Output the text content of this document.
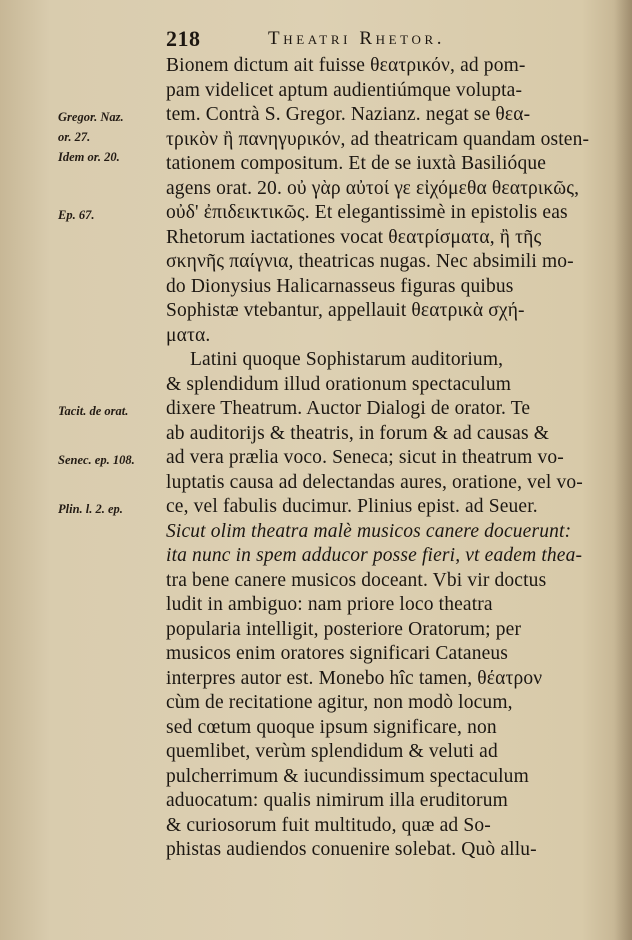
218	Theatri Rhetor.
Gregor. Naz.
or. 27.
Idem or. 20.
Ep. 67.
Tacit. de orat.
Senec. ep. 108.
Plin. l. 2. ep.
Bionem dictum ait fuisse θεατρικόν, ad pom-
pam videlicet aptum audientiúmque volupta-
tem. Contrà S. Gregor. Nazianz. negat se θεα-
τρικὸν ἢ πανηγυρικόν, ad theatricam quandam osten-
tationem compositum. Et de se iuxtà Basilióque
agens orat. 20. οὐ γὰρ αὐτοί γε εἰχόμεθα θεατρικῶς,
οὐδ' ἐπιδεικτικῶς. Et elegantissimè in epistolis eas
Rhetorum iactationes vocat θεατρίσματα, ἢ τῆς
σκηνῆς παίγνια, theatricas nugas. Nec absimili mo-
do Dionysius Halicarnasseus figuras quibus
Sophistæ vtebantur, appellauit θεατρικὰ σχή-
ματα.
Latini quoque Sophistarum auditorium,
& splendidum illud orationum spectaculum
dixere Theatrum. Auctor Dialogi de orator. Te
ab auditorijs & theatris, in forum & ad causas &
ad vera prælia voco. Seneca; sicut in theatrum vo-
luptatis causa ad delectandas aures, oratione, vel vo-
ce, vel fabulis ducimur. Plinius epist. ad Seuer.
Sicut olim theatra malè musicos canere docuerunt:
ita nunc in spem adducor posse fieri, vt eadem thea-
tra bene canere musicos doceant. Vbi vir doctus
ludit in ambiguo: nam priore loco theatra
popularia intelligit, posteriore Oratorum; per
musicos enim oratores significari Cataneus
interpres autor est. Monebo hîc tamen, θέατρον
cùm de recitatione agitur, non modò locum,
sed cœtum quoque ipsum significare, non
quemlibet, verùm splendidum & veluti ad
pulcherrimum & iucundissimum spectaculum
aduocatum: qualis nimirum illa eruditorum
& curiosorum fuit multitudo, quæ ad So-
phistas audiendos conuenire solebat. Quò allu-
